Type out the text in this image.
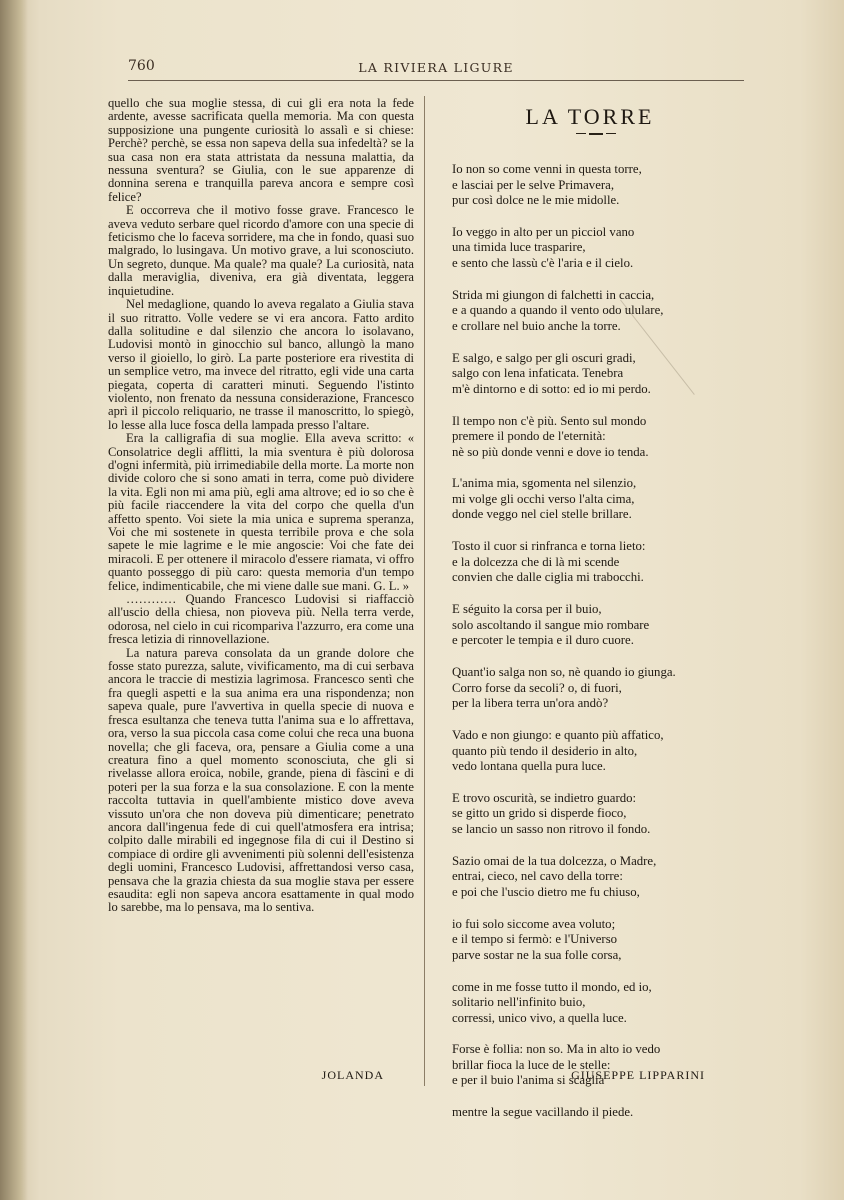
760	LA RIVIERA LIGURE

quello che sua moglie stessa, di cui gli era nota la fede ardente, avesse sacrificata quella memoria. Ma con questa supposizione una pungente curiosità lo assalì e si chiese: Perchè? perchè, se essa non sapeva della sua infedeltà? se la sua casa non era stata attristata da nessuna malattia, da nessuna sventura? se Giulia, con le sue apparenze di donnina serena e tranquilla pareva ancora e sempre così felice?

E occorreva che il motivo fosse grave. Francesco le aveva veduto serbare quel ricordo d'amore con una specie di feticismo che lo faceva sorridere, ma che in fondo, quasi suo malgrado, lo lusingava. Un motivo grave, a lui sconosciuto. Un segreto, dunque. Ma quale? ma quale? La curiosità, nata dalla meraviglia, diveniva, era già diventata, leggera inquietudine.

Nel medaglione, quando lo aveva regalato a Giulia stava il suo ritratto. Volle vedere se vi era ancora. Fatto ardito dalla solitudine e dal silenzio che ancora lo isolavano, Ludovisi montò in ginocchio sul banco, allungò la mano verso il gioiello, lo girò. La parte posteriore era rivestita di un semplice vetro, ma invece del ritratto, egli vide una carta piegata, coperta di caratteri minuti. Seguendo l'istinto violento, non frenato da nessuna considerazione, Francesco aprì il piccolo reliquario, ne trasse il manoscritto, lo spiegò, lo lesse alla luce fosca della lampada presso l'altare.

Era la calligrafia di sua moglie. Ella aveva scritto: « Consolatrice degli afflitti, la mia sventura è più dolorosa d'ogni infermità, più irrimediabile della morte. La morte non divide coloro che si sono amati in terra, come può dividere la vita. Egli non mi ama più, egli ama altrove; ed io so che è più facile riaccendere la vita del corpo che quella d'un affetto spento. Voi siete la mia unica e suprema speranza, Voi che mi sostenete in questa terribile prova e che sola sapete le mie lagrime e le mie angoscie: Voi che fate dei miracoli. E per ottenere il miracolo d'essere riamata, vi offro quanto posseggo di più caro: questa memoria d'un tempo felice, indimenticabile, che mi viene dalle sue mani. G. L. »

………… Quando Francesco Ludovisi si riaffacciò all'uscio della chiesa, non pioveva più. Nella terra verde, odorosa, nel cielo in cui ricompariva l'azzurro, era come una fresca letizia di rinnovellazione.

La natura pareva consolata da un grande dolore che fosse stato purezza, salute, vivificamento, ma di cui serbava ancora le traccie di mestizia lagrimosa. Francesco sentì che fra quegli aspetti e la sua anima era una rispondenza; non sapeva quale, pure l'avvertiva in quella specie di nuova e fresca esultanza che teneva tutta l'anima sua e lo affrettava, ora, verso la sua piccola casa come colui che reca una buona novella; che gli faceva, ora, pensare a Giulia come a una creatura fino a quel momento sconosciuta, che gli si rivelasse allora eroica, nobile, grande, piena di fàscini e di poteri per la sua forza e la sua consolazione. E con la mente raccolta tuttavia in quell'ambiente mistico dove aveva vissuto un'ora che non doveva più dimenticare; penetrato ancora dall'ingenua fede di cui quell'atmosfera era intrisa; colpito dalle mirabili ed ingegnose fila di cui il Destino si compiace di ordire gli avvenimenti più solenni dell'esistenza degli uomini, Francesco Ludovisi, affrettandosi verso casa, pensava che la grazia chiesta da sua moglie stava per essere esaudita: egli non sapeva ancora esattamente in qual modo lo sarebbe, ma lo pensava, ma lo sentiva.

JOLANDA
LA TORRE

Io non so come venni in questa torre,
e lasciai per le selve Primavera,
pur così dolce ne le mie midolle.

Io veggo in alto per un picciol vano
una timida luce trasparire,
e sento che lassù c'è l'aria e il cielo.

Strida mi giungon di falchetti in caccia,
e a quando a quando il vento odo ululare,
e crollare nel buio anche la torre.

E salgo, e salgo per gli oscuri gradi,
salgo con lena infaticata. Tenebra
m'è dintorno e di sotto: ed io mi perdo.

Il tempo non c'è più. Sento sul mondo
premere il pondo de l'eternità:
nè so più donde venni e dove io tenda.

L'anima mia, sgomenta nel silenzio,
mi volge gli occhi verso l'alta cima,
donde veggo nel ciel stelle brillare.

Tosto il cuor si rinfranca e torna lieto:
e la dolcezza che di là mi scende
convien che dalle ciglia mi trabocchi.

E séguito la corsa per il buio,
solo ascoltando il sangue mio rombare
e percoter le tempia e il duro cuore.

Quant'io salga non so, nè quando io giunga.
Corro forse da secoli? o, di fuori,
per la libera terra un'ora andò?

Vado e non giungo: e quanto più affatico,
quanto più tendo il desiderio in alto,
vedo lontana quella pura luce.

E trovo oscurità, se indietro guardo:
se gitto un grido si disperde fioco,
se lancio un sasso non ritrovo il fondo.

Sazio omai de la tua dolcezza, o Madre,
entrai, cieco, nel cavo della torre:
e poi che l'uscio dietro me fu chiuso,

io fui solo siccome avea voluto;
e il tempo si fermò: e l'Universo
parve sostar ne la sua folle corsa,

come in me fosse tutto il mondo, ed io,
solitario nell'infinito buio,
corressi, unico vivo, a quella luce.

Forse è follia: non so. Ma in alto io vedo
brillar fioca la luce de le stelle:
e per il buio l'anima si scaglia

mentre la segue vacillando il piede.

GIUSEPPE LIPPARINI
